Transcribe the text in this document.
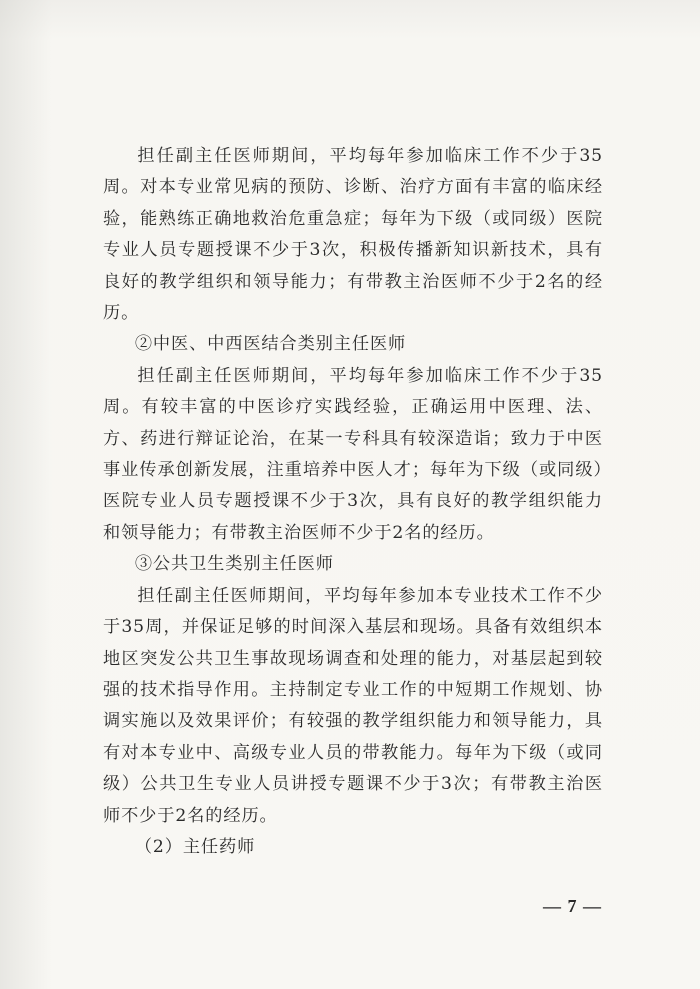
担任副主任医师期间，平均每年参加临床工作不少于35周。对本专业常见病的预防、诊断、治疗方面有丰富的临床经验，能熟练正确地救治危重急症；每年为下级（或同级）医院专业人员专题授课不少于3次，积极传播新知识新技术，具有良好的教学组织和领导能力；有带教主治医师不少于2名的经历。

②中医、中西医结合类别主任医师

担任副主任医师期间，平均每年参加临床工作不少于35周。有较丰富的中医诊疗实践经验，正确运用中医理、法、方、药进行辩证论治，在某一专科具有较深造诣；致力于中医事业传承创新发展，注重培养中医人才；每年为下级（或同级）医院专业人员专题授课不少于3次，具有良好的教学组织能力和领导能力；有带教主治医师不少于2名的经历。

③公共卫生类别主任医师

担任副主任医师期间，平均每年参加本专业技术工作不少于35周，并保证足够的时间深入基层和现场。具备有效组织本地区突发公共卫生事故现场调查和处理的能力，对基层起到较强的技术指导作用。主持制定专业工作的中短期工作规划、协调实施以及效果评价；有较强的教学组织能力和领导能力，具有对本专业中、高级专业人员的带教能力。每年为下级（或同级）公共卫生专业人员讲授专题课不少于3次；有带教主治医师不少于2名的经历。

（2）主任药师

— 7 —
